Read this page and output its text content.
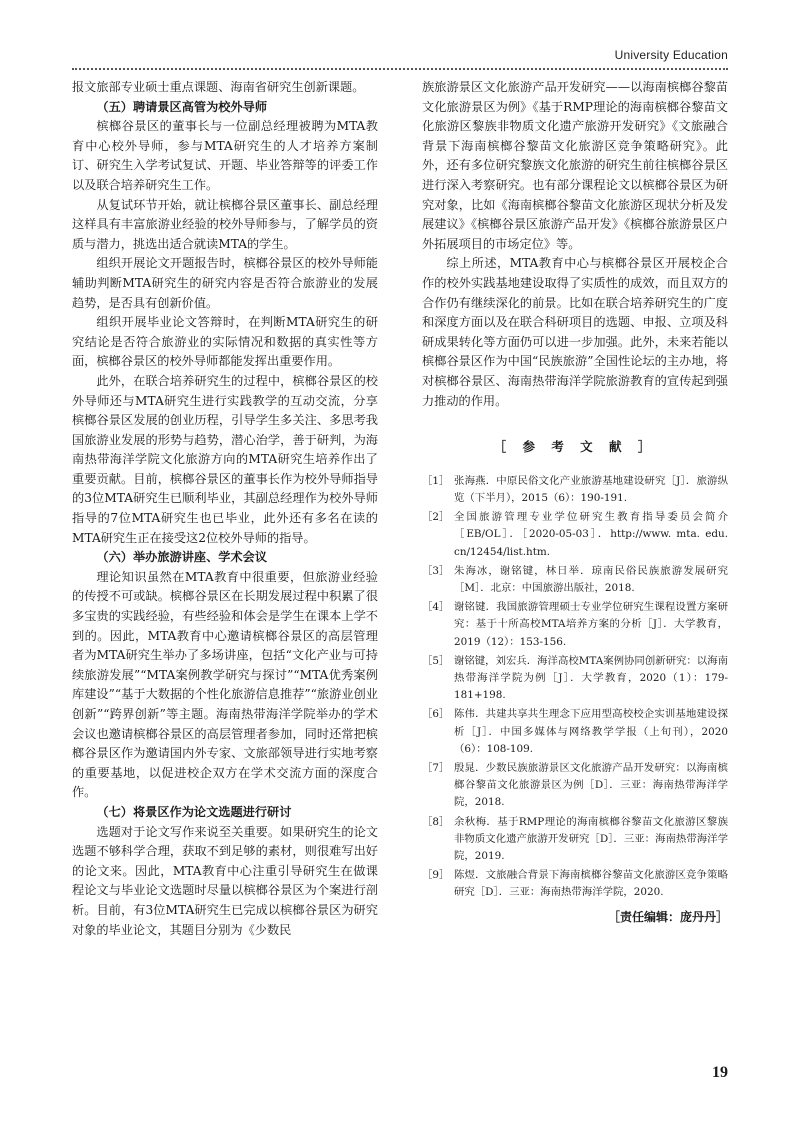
University Education

报文旅部专业硕士重点课题、海南省研究生创新课题。

（五）聘请景区高管为校外导师

槟榔谷景区的董事长与一位副总经理被聘为MTA教育中心校外导师，参与MTA研究生的人才培养方案制订、研究生入学考试复试、开题、毕业答辩等的评委工作以及联合培养研究生工作。

从复试环节开始，就让槟榔谷景区董事长、副总经理这样具有丰富旅游业经验的校外导师参与，了解学员的资质与潜力，挑选出适合就读MTA的学生。

组织开展论文开题报告时，槟榔谷景区的校外导师能辅助判断MTA研究生的研究内容是否符合旅游业的发展趋势，是否具有创新价值。

组织开展毕业论文答辩时，在判断MTA研究生的研究结论是否符合旅游业的实际情况和数据的真实性等方面，槟榔谷景区的校外导师都能发挥出重要作用。

此外，在联合培养研究生的过程中，槟榔谷景区的校外导师还与MTA研究生进行实践教学的互动交流，分享槟榔谷景区发展的创业历程，引导学生多关注、多思考我国旅游业发展的形势与趋势，潜心治学，善于研判，为海南热带海洋学院文化旅游方向的MTA研究生培养作出了重要贡献。目前，槟榔谷景区的董事长作为校外导师指导的3位MTA研究生已顺利毕业，其副总经理作为校外导师指导的7位MTA研究生也已毕业，此外还有多名在读的MTA研究生正在接受这2位校外导师的指导。

（六）举办旅游讲座、学术会议

理论知识虽然在MTA教育中很重要，但旅游业经验的传授不可或缺。槟榔谷景区在长期发展过程中积累了很多宝贵的实践经验，有些经验和体会是学生在课本上学不到的。因此，MTA教育中心邀请槟榔谷景区的高层管理者为MTA研究生举办了多场讲座，包括“文化产业与可持续旅游发展”“MTA案例教学研究与探讨”“MTA优秀案例库建设”“基于大数据的个性化旅游信息推荐”“旅游业创业创新”“跨界创新”等主题。海南热带海洋学院举办的学术会议也邀请槟榔谷景区的高层管理者参加，同时还常把槟榔谷景区作为邀请国内外专家、文旅部领导进行实地考察的重要基地，以促进校企双方在学术交流方面的深度合作。

（七）将景区作为论文选题进行研讨

选题对于论文写作来说至关重要。如果研究生的论文选题不够科学合理，获取不到足够的素材，则很难写出好的论文来。因此，MTA教育中心注重引导研究生在做课程论文与毕业论文选题时尽量以槟榔谷景区为个案进行剖析。目前，有3位MTA研究生已完成以槟榔谷景区为研究对象的毕业论文，其题目分别为《少数民

族旅游景区文化旅游产品开发研究——以海南槟榔谷黎苗文化旅游景区为例》《基于RMP理论的海南槟榔谷黎苗文化旅游区黎族非物质文化遗产旅游开发研究》《文旅融合背景下海南槟榔谷黎苗文化旅游区竞争策略研究》。此外，还有多位研究黎族文化旅游的研究生前往槟榔谷景区进行深入考察研究。也有部分课程论文以槟榔谷景区为研究对象，比如《海南槟榔谷黎苗文化旅游区现状分析及发展建议》《槟榔谷景区旅游产品开发》《槟榔谷旅游景区户外拓展项目的市场定位》等。

综上所述，MTA教育中心与槟榔谷景区开展校企合作的校外实践基地建设取得了实质性的成效，而且双方的合作仍有继续深化的前景。比如在联合培养研究生的广度和深度方面以及在联合科研项目的选题、申报、立项及科研成果转化等方面仍可以进一步加强。此外，未来若能以槟榔谷景区作为中国“民族旅游”全国性论坛的主办地，将对槟榔谷景区、海南热带海洋学院旅游教育的宣传起到强力推动的作用。

［ 参 考 文 献 ］
［1］ 张海燕．中原民俗文化产业旅游基地建设研究［J］．旅游纵览（下半月），2015（6）：190-191.
［2］ 全国旅游管理专业学位研究生教育指导委员会简介［EB/OL］．［2020-05-03］．http://www. mta. edu. cn/12454/list.htm.
［3］ 朱海冰，谢铭键，林日举．琼南民俗民族旅游发展研究［M］．北京：中国旅游出版社，2018.
［4］ 谢铭键．我国旅游管理硕士专业学位研究生课程设置方案研究：基于十所高校MTA培养方案的分析［J］．大学教育，2019（12）：153-156.
［5］ 谢铭键，刘宏兵．海洋高校MTA案例协同创新研究：以海南热带海洋学院为例［J］．大学教育，2020（1）：179-181+198.
［6］ 陈伟．共建共享共生理念下应用型高校校企实训基地建设探析［J］．中国多媒体与网络教学学报（上旬刊），2020（6）：108-109.
［7］ 殷晁．少数民族旅游景区文化旅游产品开发研究：以海南槟榔谷黎苗文化旅游景区为例［D］．三亚：海南热带海洋学院，2018.
［8］ 余秋梅．基于RMP理论的海南槟榔谷黎苗文化旅游区黎族非物质文化遗产旅游开发研究［D］．三亚：海南热带海洋学院，2019.
［9］ 陈煜．文旅融合背景下海南槟榔谷黎苗文化旅游区竞争策略研究［D］．三亚：海南热带海洋学院，2020.
［责任编辑：庞丹丹］
19
